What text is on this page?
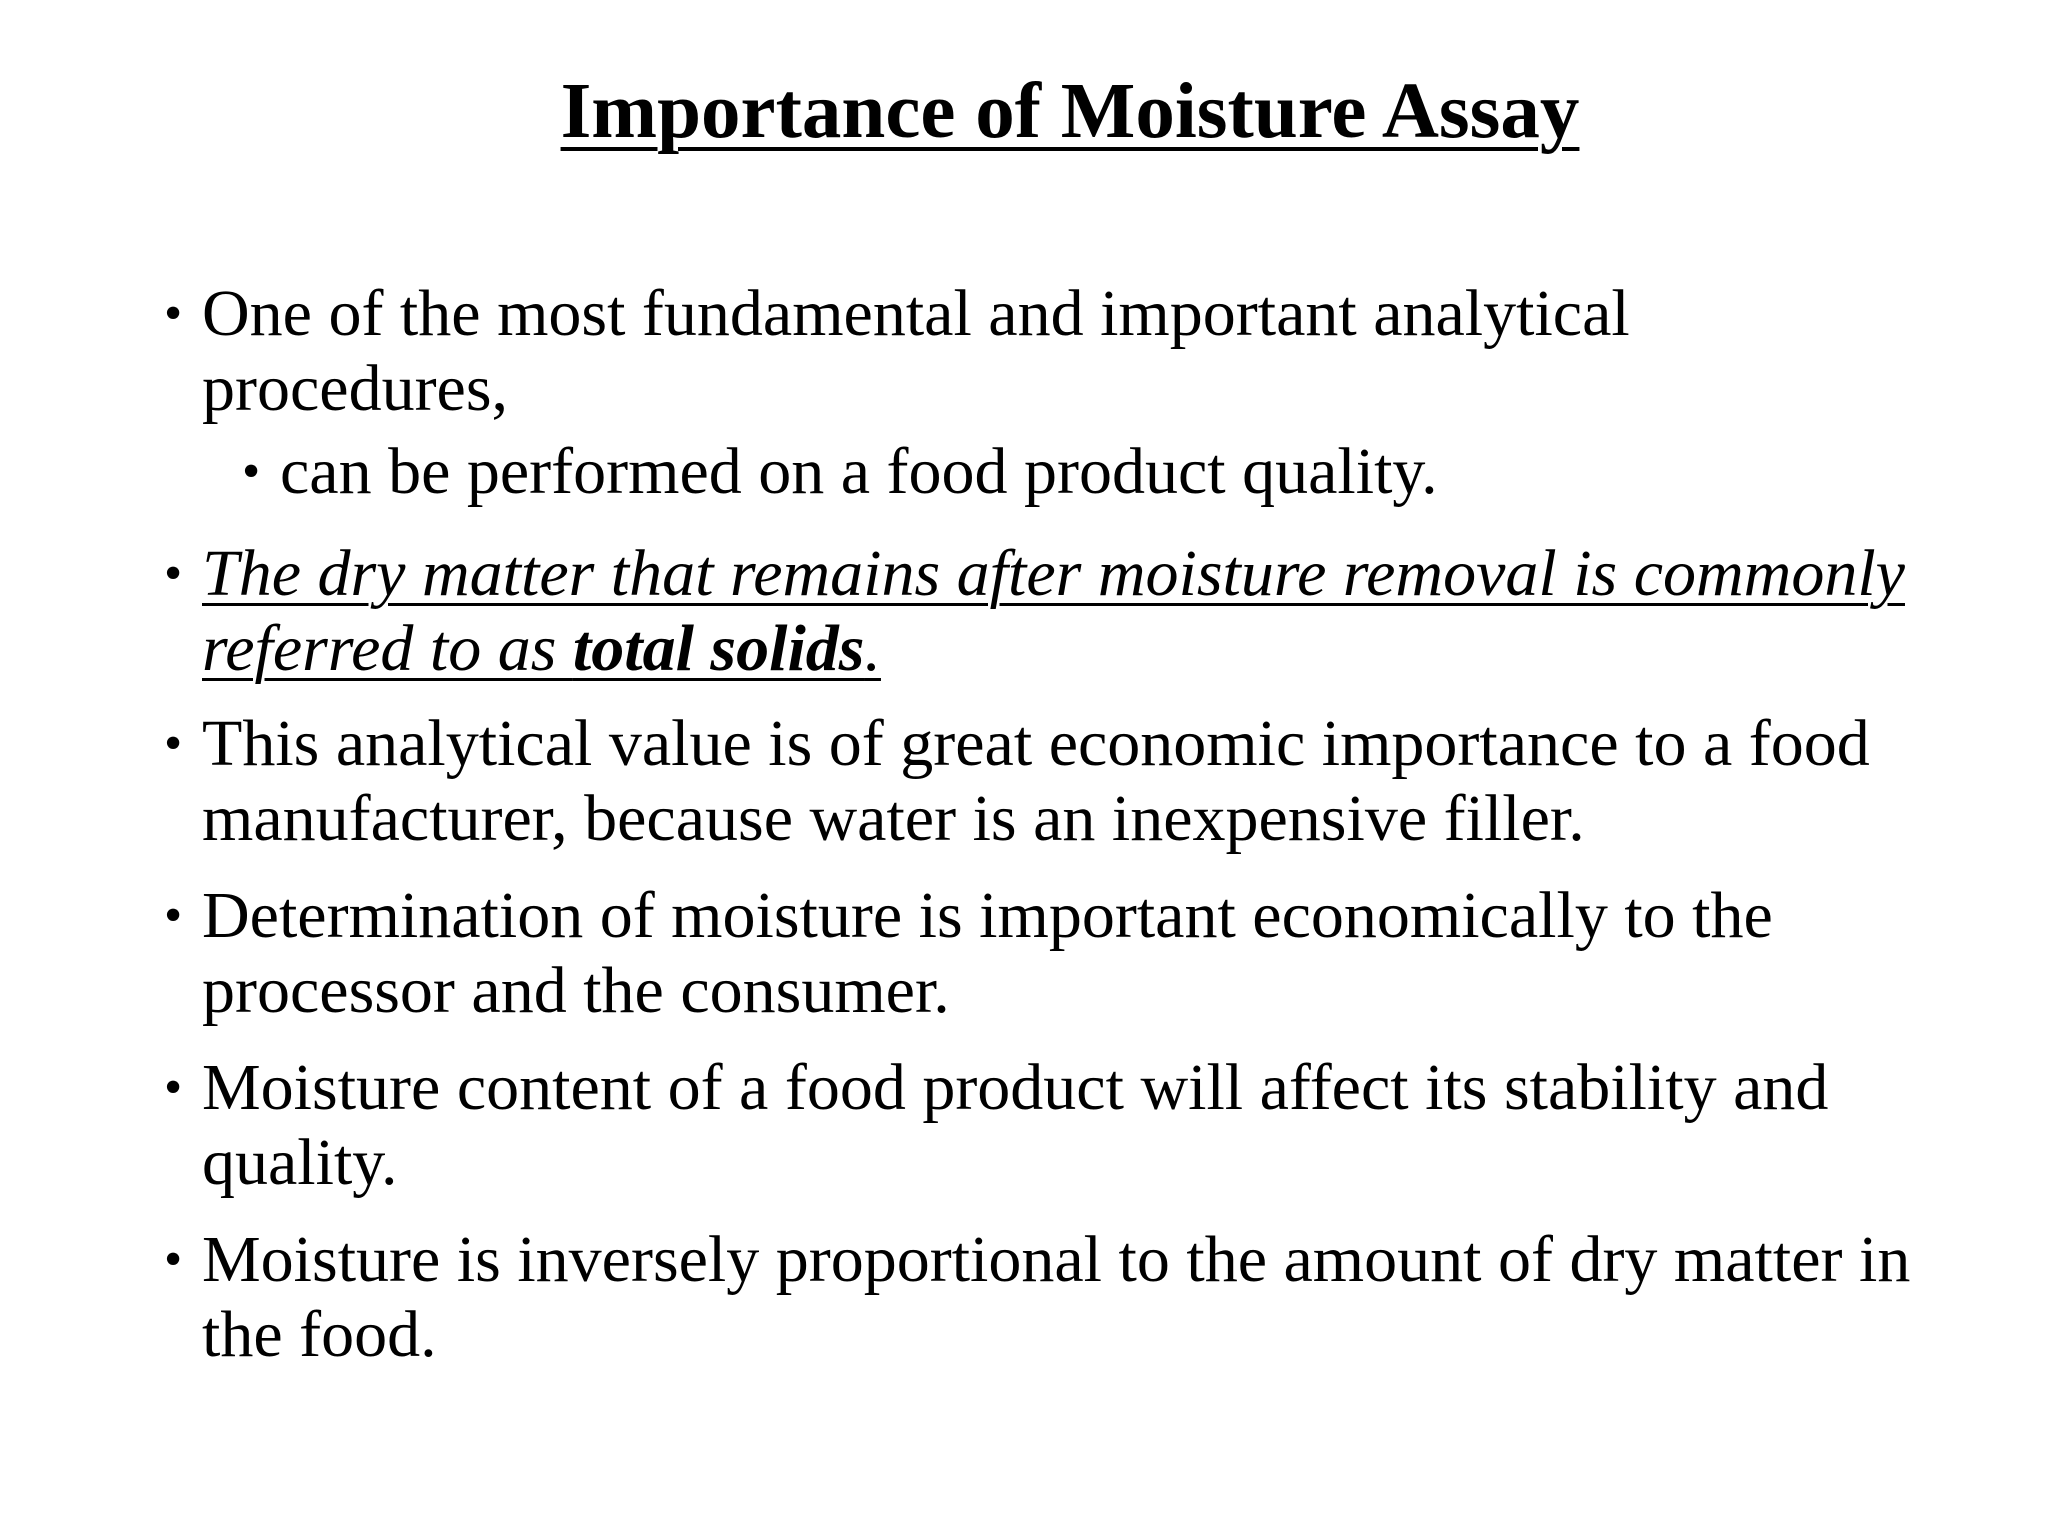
Importance of Moisture Assay
• One of the most fundamental and important analytical
procedures,
• can be performed on a food product quality.
• The dry matter that remains after moisture removal is commonly
referred to as total solids.
• This analytical value is of great economic importance to a food
manufacturer, because water is an inexpensive filler.
• Determination of moisture is important economically to the
processor and the consumer.
• Moisture content of a food product will affect its stability and
quality.
• Moisture is inversely proportional to the amount of dry matter in
the food.
